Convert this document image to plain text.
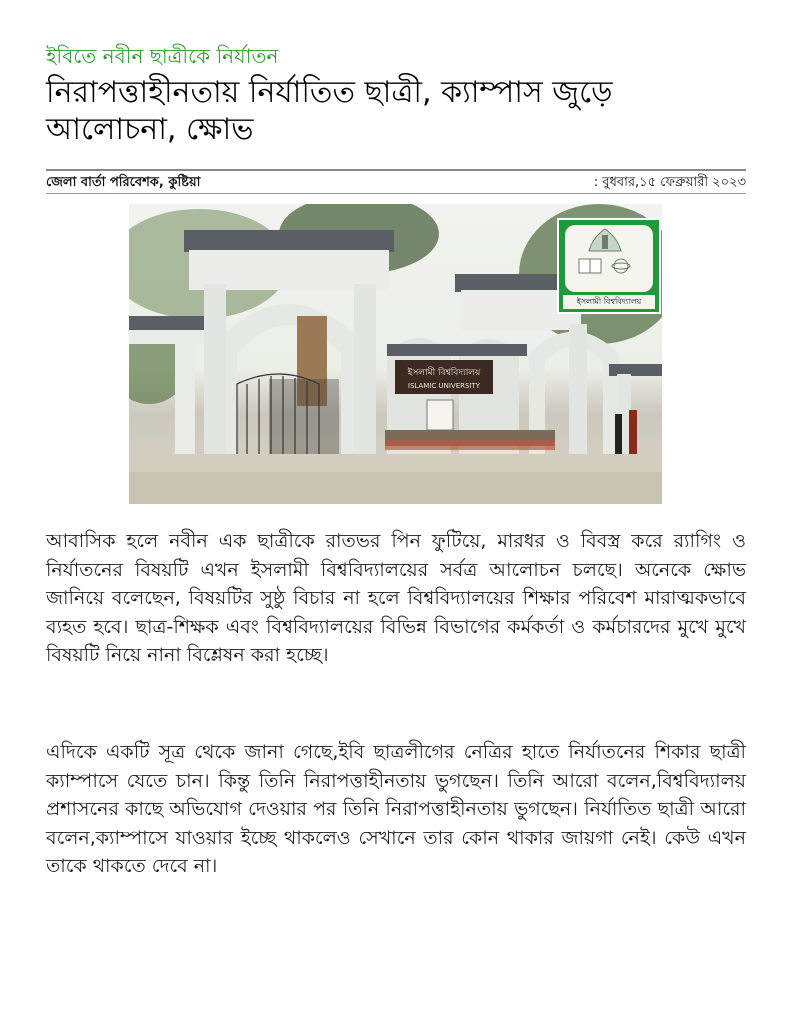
ইবিতে নবীন ছাত্রীকে নির্যাতন
নিরাপত্তাহীনতায় নির্যাতিত ছাত্রী, ক্যাম্পাস জুড়ে আলোচনা, ক্ষোভ
জেলা বার্তা পরিবেশক, কুষ্টিয়া	: বুধবার,১৫ ফেব্রুয়ারী ২০২৩
ইসলামী বিশ্ববিদ্যালয়
ISLAMIC UNIVERSITY
ইসলামী বিশ্ববিদ্যালয়
আবাসিক হলে নবীন এক ছাত্রীকে রাতভর পিন ফুটিয়ে, মারধর ও বিবস্ত্র করে র‌্যাগিং ও নির্যাতনের বিষয়টি এখন ইসলামী বিশ্ববিদ্যালয়ের সর্বত্র আলোচন চলছে। অনেকে ক্ষোভ জানিয়ে বলেছেন, বিষয়টির সুষ্ঠু বিচার না হলে বিশ্ববিদ্যালয়ের শিক্ষার পরিবেশ মারাত্মকভাবে ব্যহত হবে। ছাত্র-শিক্ষক এবং বিশ্ববিদ্যালয়ের বিভিন্ন বিভাগের কর্মকর্তা ও কর্মচারদের মুখে মুখে বিষয়টি নিয়ে নানা বিশ্লেষন করা হচ্ছে।
এদিকে একটি সূত্র থেকে জানা গেছে,ইবি ছাত্রলীগের নেত্রির হাতে নির্যাতনের শিকার ছাত্রী ক্যাম্পাসে যেতে চান। কিন্তু তিনি নিরাপত্তাহীনতায় ভুগছেন। তিনি আরো বলেন,বিশ্ববিদ্যালয় প্রশাসনের কাছে অভিযোগ দেওয়ার পর তিনি নিরাপত্তাহীনতায় ভুগছেন। নির্যাতিত ছাত্রী আরো বলেন,ক্যাম্পাসে যাওয়ার ইচ্ছে থাকলেও সেখানে তার কোন থাকার জায়গা নেই। কেউ এখন তাকে থাকতে দেবে না।
